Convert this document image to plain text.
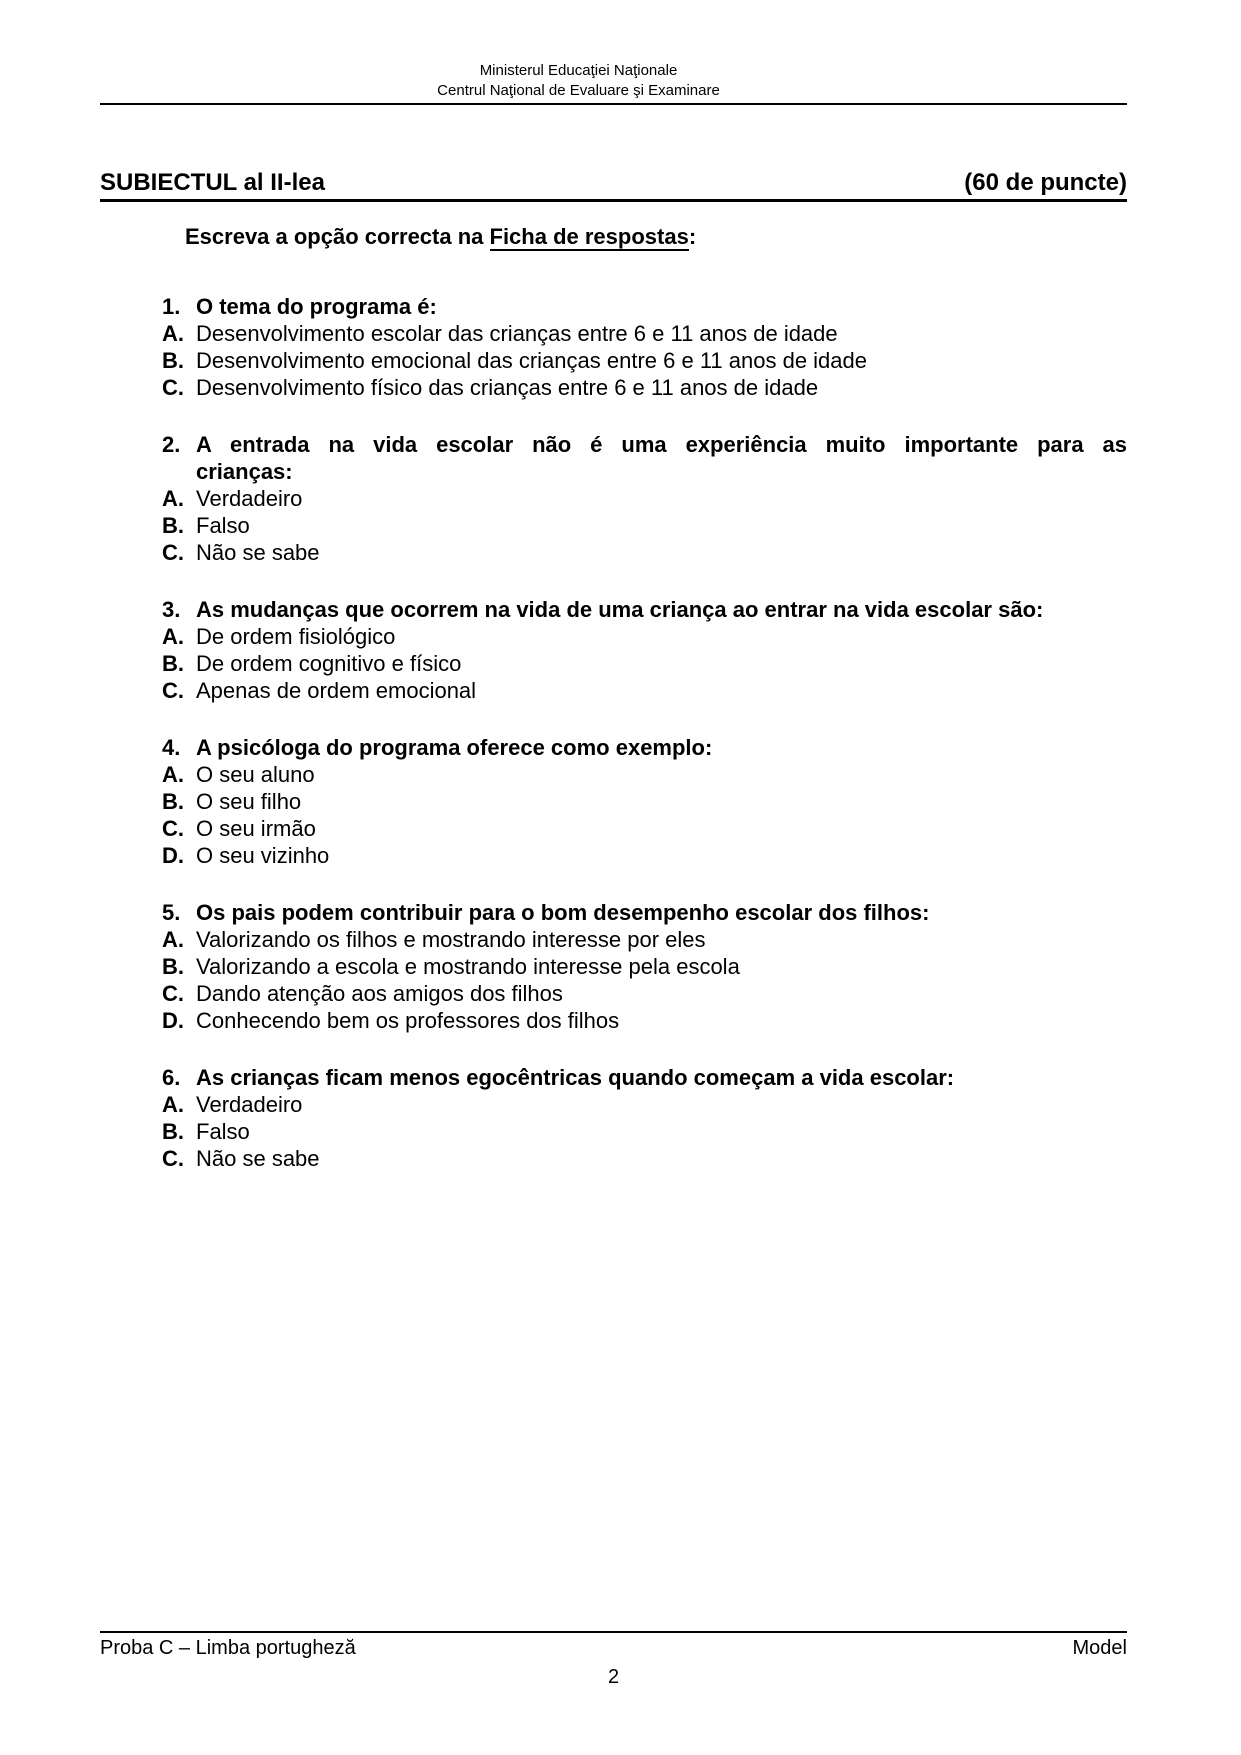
Ministerul Educaţiei Naţionale
Centrul Naţional de Evaluare şi Examinare
SUBIECTUL al II-lea	(60 de puncte)
Escreva a opção correcta na Ficha de respostas:
1. O tema do programa é:
A. Desenvolvimento escolar das crianças entre 6 e 11 anos de idade
B. Desenvolvimento emocional das crianças entre 6 e 11 anos de idade
C. Desenvolvimento físico das crianças entre 6 e 11 anos de idade
2. A entrada na vida escolar não é uma experiência muito importante para as
crianças:
A. Verdadeiro
B. Falso
C. Não se sabe
3. As mudanças que ocorrem na vida de uma criança ao entrar na vida escolar são:
A. De ordem fisiológico
B. De ordem cognitivo e físico
C. Apenas de ordem emocional
4. A psicóloga do programa oferece como exemplo:
A. O seu aluno
B. O seu filho
C. O seu irmão
D. O seu vizinho
5. Os pais podem contribuir para o bom desempenho escolar dos filhos:
A. Valorizando os filhos e mostrando interesse por eles
B. Valorizando a escola e mostrando interesse pela escola
C. Dando atenção aos amigos dos filhos
D. Conhecendo bem os professores dos filhos
6. As crianças ficam menos egocêntricas quando começam a vida escolar:
A. Verdadeiro
B. Falso
C. Não se sabe
Proba C – Limba portugheză	Model
2
